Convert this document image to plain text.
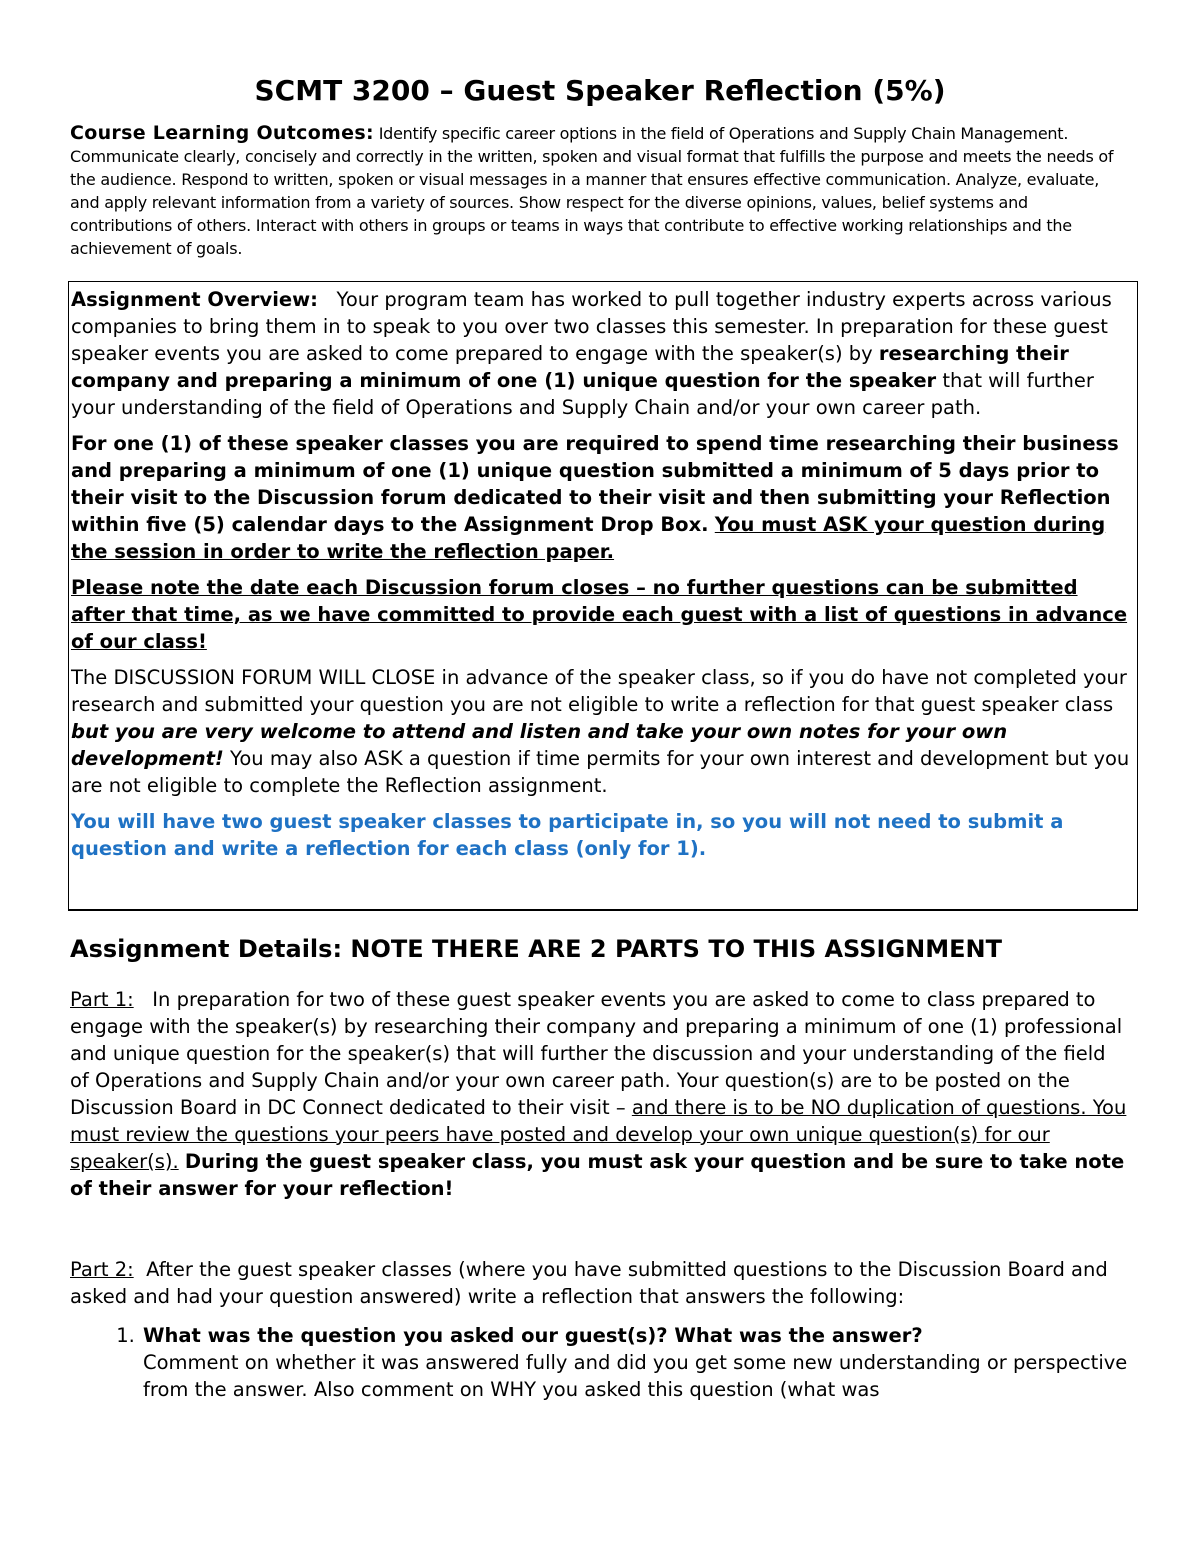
SCMT 3200 – Guest Speaker Reflection (5%)
Course Learning Outcomes: Identify specific career options in the field of Operations and Supply Chain Management. Communicate clearly, concisely and correctly in the written, spoken and visual format that fulfills the purpose and meets the needs of the audience. Respond to written, spoken or visual messages in a manner that ensures effective communication. Analyze, evaluate, and apply relevant information from a variety of sources. Show respect for the diverse opinions, values, belief systems and contributions of others. Interact with others in groups or teams in ways that contribute to effective working relationships and the achievement of goals.

Assignment Overview: Your program team has worked to pull together industry experts across various companies to bring them in to speak to you over two classes this semester. In preparation for these guest speaker events you are asked to come prepared to engage with the speaker(s) by researching their company and preparing a minimum of one (1) unique question for the speaker that will further your understanding of the field of Operations and Supply Chain and/or your own career path.

For one (1) of these speaker classes you are required to spend time researching their business and preparing a minimum of one (1) unique question submitted a minimum of 5 days prior to their visit to the Discussion forum dedicated to their visit and then submitting your Reflection within five (5) calendar days to the Assignment Drop Box. You must ASK your question during the session in order to write the reflection paper.

Please note the date each Discussion forum closes – no further questions can be submitted after that time, as we have committed to provide each guest with a list of questions in advance of our class!

The DISCUSSION FORUM WILL CLOSE in advance of the speaker class, so if you do have not completed your research and submitted your question you are not eligible to write a reflection for that guest speaker class but you are very welcome to attend and listen and take your own notes for your own development! You may also ASK a question if time permits for your own interest and development but you are not eligible to complete the Reflection assignment.

You will have two guest speaker classes to participate in, so you will not need to submit a question and write a reflection for each class (only for 1).

Assignment Details: NOTE THERE ARE 2 PARTS TO THIS ASSIGNMENT

Part 1: In preparation for two of these guest speaker events you are asked to come to class prepared to engage with the speaker(s) by researching their company and preparing a minimum of one (1) professional and unique question for the speaker(s) that will further the discussion and your understanding of the field of Operations and Supply Chain and/or your own career path. Your question(s) are to be posted on the Discussion Board in DC Connect dedicated to their visit – and there is to be NO duplication of questions. You must review the questions your peers have posted and develop your own unique question(s) for our speaker(s). During the guest speaker class, you must ask your question and be sure to take note of their answer for your reflection!

Part 2: After the guest speaker classes (where you have submitted questions to the Discussion Board and asked and had your question answered) write a reflection that answers the following:

1. What was the question you asked our guest(s)? What was the answer?
Comment on whether it was answered fully and did you get some new understanding or perspective from the answer. Also comment on WHY you asked this question (what was
